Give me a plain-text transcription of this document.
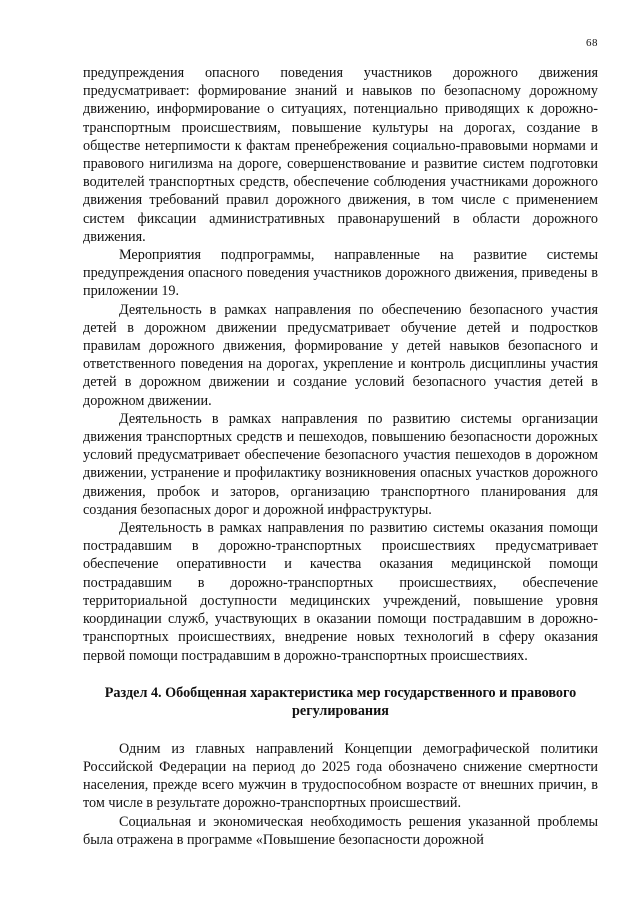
68

предупреждения опасного поведения участников дорожного движения предусматривает: формирование знаний и навыков по безопасному дорожному движению, информирование о ситуациях, потенциально приводящих к дорожно-транспортным происшествиям, повышение культуры на дорогах, создание в обществе нетерпимости к фактам пренебрежения социально-правовыми нормами и правового нигилизма на дороге, совершенствование и развитие систем подготовки водителей транспортных средств, обеспечение соблюдения участниками дорожного движения требований правил дорожного движения, в том числе с применением систем фиксации административных правонарушений в области дорожного движения.

Мероприятия подпрограммы, направленные на развитие системы предупреждения опасного поведения участников дорожного движения, приведены в приложении 19.

Деятельность в рамках направления по обеспечению безопасного участия детей в дорожном движении предусматривает обучение детей и подростков правилам дорожного движения, формирование у детей навыков безопасного и ответственного поведения на дорогах, укрепление и контроль дисциплины участия детей в дорожном движении и создание условий безопасного участия детей в дорожном движении.

Деятельность в рамках направления по развитию системы организации движения транспортных средств и пешеходов, повышению безопасности дорожных условий предусматривает обеспечение безопасного участия пешеходов в дорожном движении, устранение и профилактику возникновения опасных участков дорожного движения, пробок и заторов, организацию транспортного планирования для создания безопасных дорог и дорожной инфраструктуры.

Деятельность в рамках направления по развитию системы оказания помощи пострадавшим в дорожно-транспортных происшествиях предусматривает обеспечение оперативности и качества оказания медицинской помощи пострадавшим в дорожно-транспортных происшествиях, обеспечение территориальной доступности медицинских учреждений, повышение уровня координации служб, участвующих в оказании помощи пострадавшим в дорожно-транспортных происшествиях, внедрение новых технологий в сферу оказания первой помощи пострадавшим в дорожно-транспортных происшествиях.

Раздел 4. Обобщенная характеристика мер государственного и правового регулирования

Одним из главных направлений Концепции демографической политики Российской Федерации на период до 2025 года обозначено снижение смертности населения, прежде всего мужчин в трудоспособном возрасте от внешних причин, в том числе в результате дорожно-транспортных происшествий.

Социальная и экономическая необходимость решения указанной проблемы была отражена в программе «Повышение безопасности дорожной
